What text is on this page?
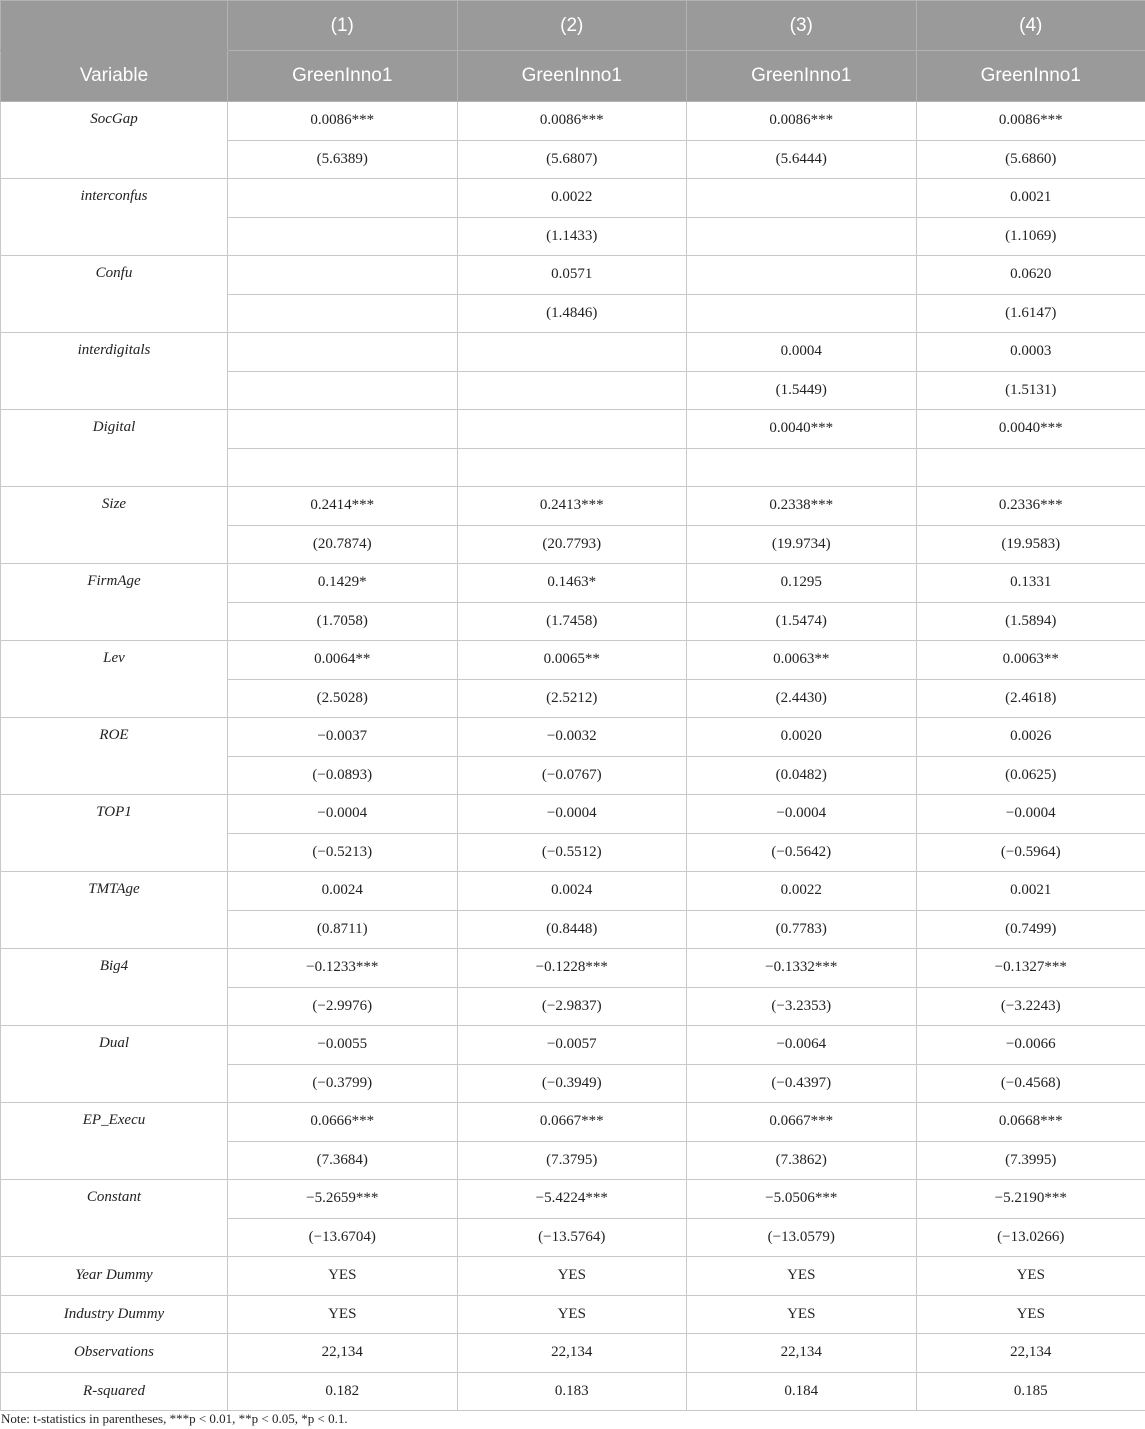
	(1)	(2)	(3)	(4)
Variable	GreenInno1	GreenInno1	GreenInno1	GreenInno1
SocGap	0.0086***	0.0086***	0.0086***	0.0086***
	(5.6389)	(5.6807)	(5.6444)	(5.6860)
interconfus		0.0022		0.0021
		(1.1433)		(1.1069)
Confu		0.0571		0.0620
		(1.4846)		(1.6147)
interdigitals			0.0004	0.0003
			(1.5449)	(1.5131)
Digital			0.0040***	0.0040***

Size	0.2414***	0.2413***	0.2338***	0.2336***
	(20.7874)	(20.7793)	(19.9734)	(19.9583)
FirmAge	0.1429*	0.1463*	0.1295	0.1331
	(1.7058)	(1.7458)	(1.5474)	(1.5894)
Lev	0.0064**	0.0065**	0.0063**	0.0063**
	(2.5028)	(2.5212)	(2.4430)	(2.4618)
ROE	−0.0037	−0.0032	0.0020	0.0026
	(−0.0893)	(−0.0767)	(0.0482)	(0.0625)
TOP1	−0.0004	−0.0004	−0.0004	−0.0004
	(−0.5213)	(−0.5512)	(−0.5642)	(−0.5964)
TMTAge	0.0024	0.0024	0.0022	0.0021
	(0.8711)	(0.8448)	(0.7783)	(0.7499)
Big4	−0.1233***	−0.1228***	−0.1332***	−0.1327***
	(−2.9976)	(−2.9837)	(−3.2353)	(−3.2243)
Dual	−0.0055	−0.0057	−0.0064	−0.0066
	(−0.3799)	(−0.3949)	(−0.4397)	(−0.4568)
EP_Execu	0.0666***	0.0667***	0.0667***	0.0668***
	(7.3684)	(7.3795)	(7.3862)	(7.3995)
Constant	−5.2659***	−5.4224***	−5.0506***	−5.2190***
	(−13.6704)	(−13.5764)	(−13.0579)	(−13.0266)
Year Dummy	YES	YES	YES	YES
Industry Dummy	YES	YES	YES	YES
Observations	22,134	22,134	22,134	22,134
R-squared	0.182	0.183	0.184	0.185
Note: t-statistics in parentheses, ***p < 0.01, **p < 0.05, *p < 0.1.
